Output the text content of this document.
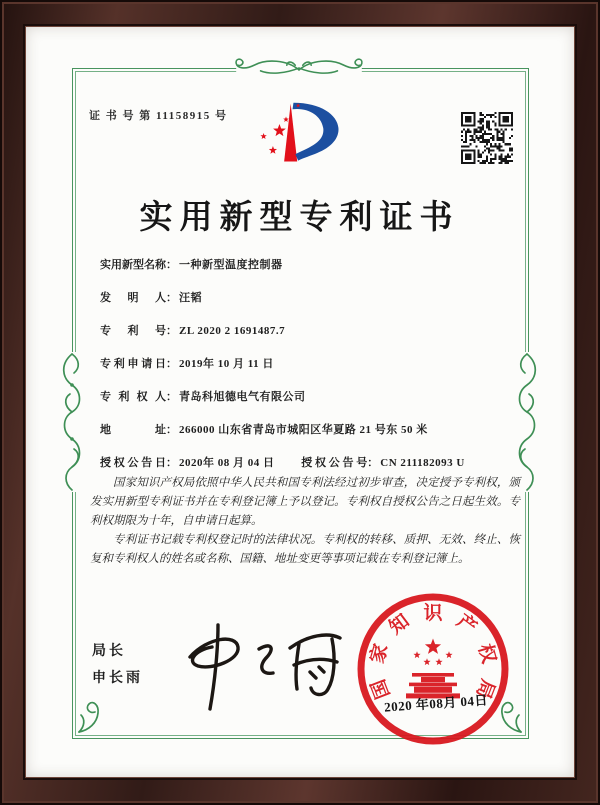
证 书 号 第 11158915 号
实用新型专利证书
实用新型名称： 一种新型温度控制器
发明人： 汪韬
专利号： ZL 2020 2 1691487.7
专利申请日： 2019年 10 月 11 日
专利权人： 青岛科旭德电气有限公司
地址： 266000 山东省青岛市城阳区华夏路 21 号东 50 米
授权公告日： 2020年 08 月 04 日 授权公告号： CN 211182093 U

国家知识产权局依照中华人民共和国专利法经过初步审查，决定授予专利权，颁发实用新型专利证书并在专利登记簿上予以登记。专利权自授权公告之日起生效。专利权期限为十年，自申请日起算。

专利证书记载专利权登记时的法律状况。专利权的转移、质押、无效、终止、恢复和专利权人的姓名或名称、国籍、地址变更等事项记载在专利登记簿上。

局长
申长雨	国
家
知 识 产
权
局
2020 年08月 04日
